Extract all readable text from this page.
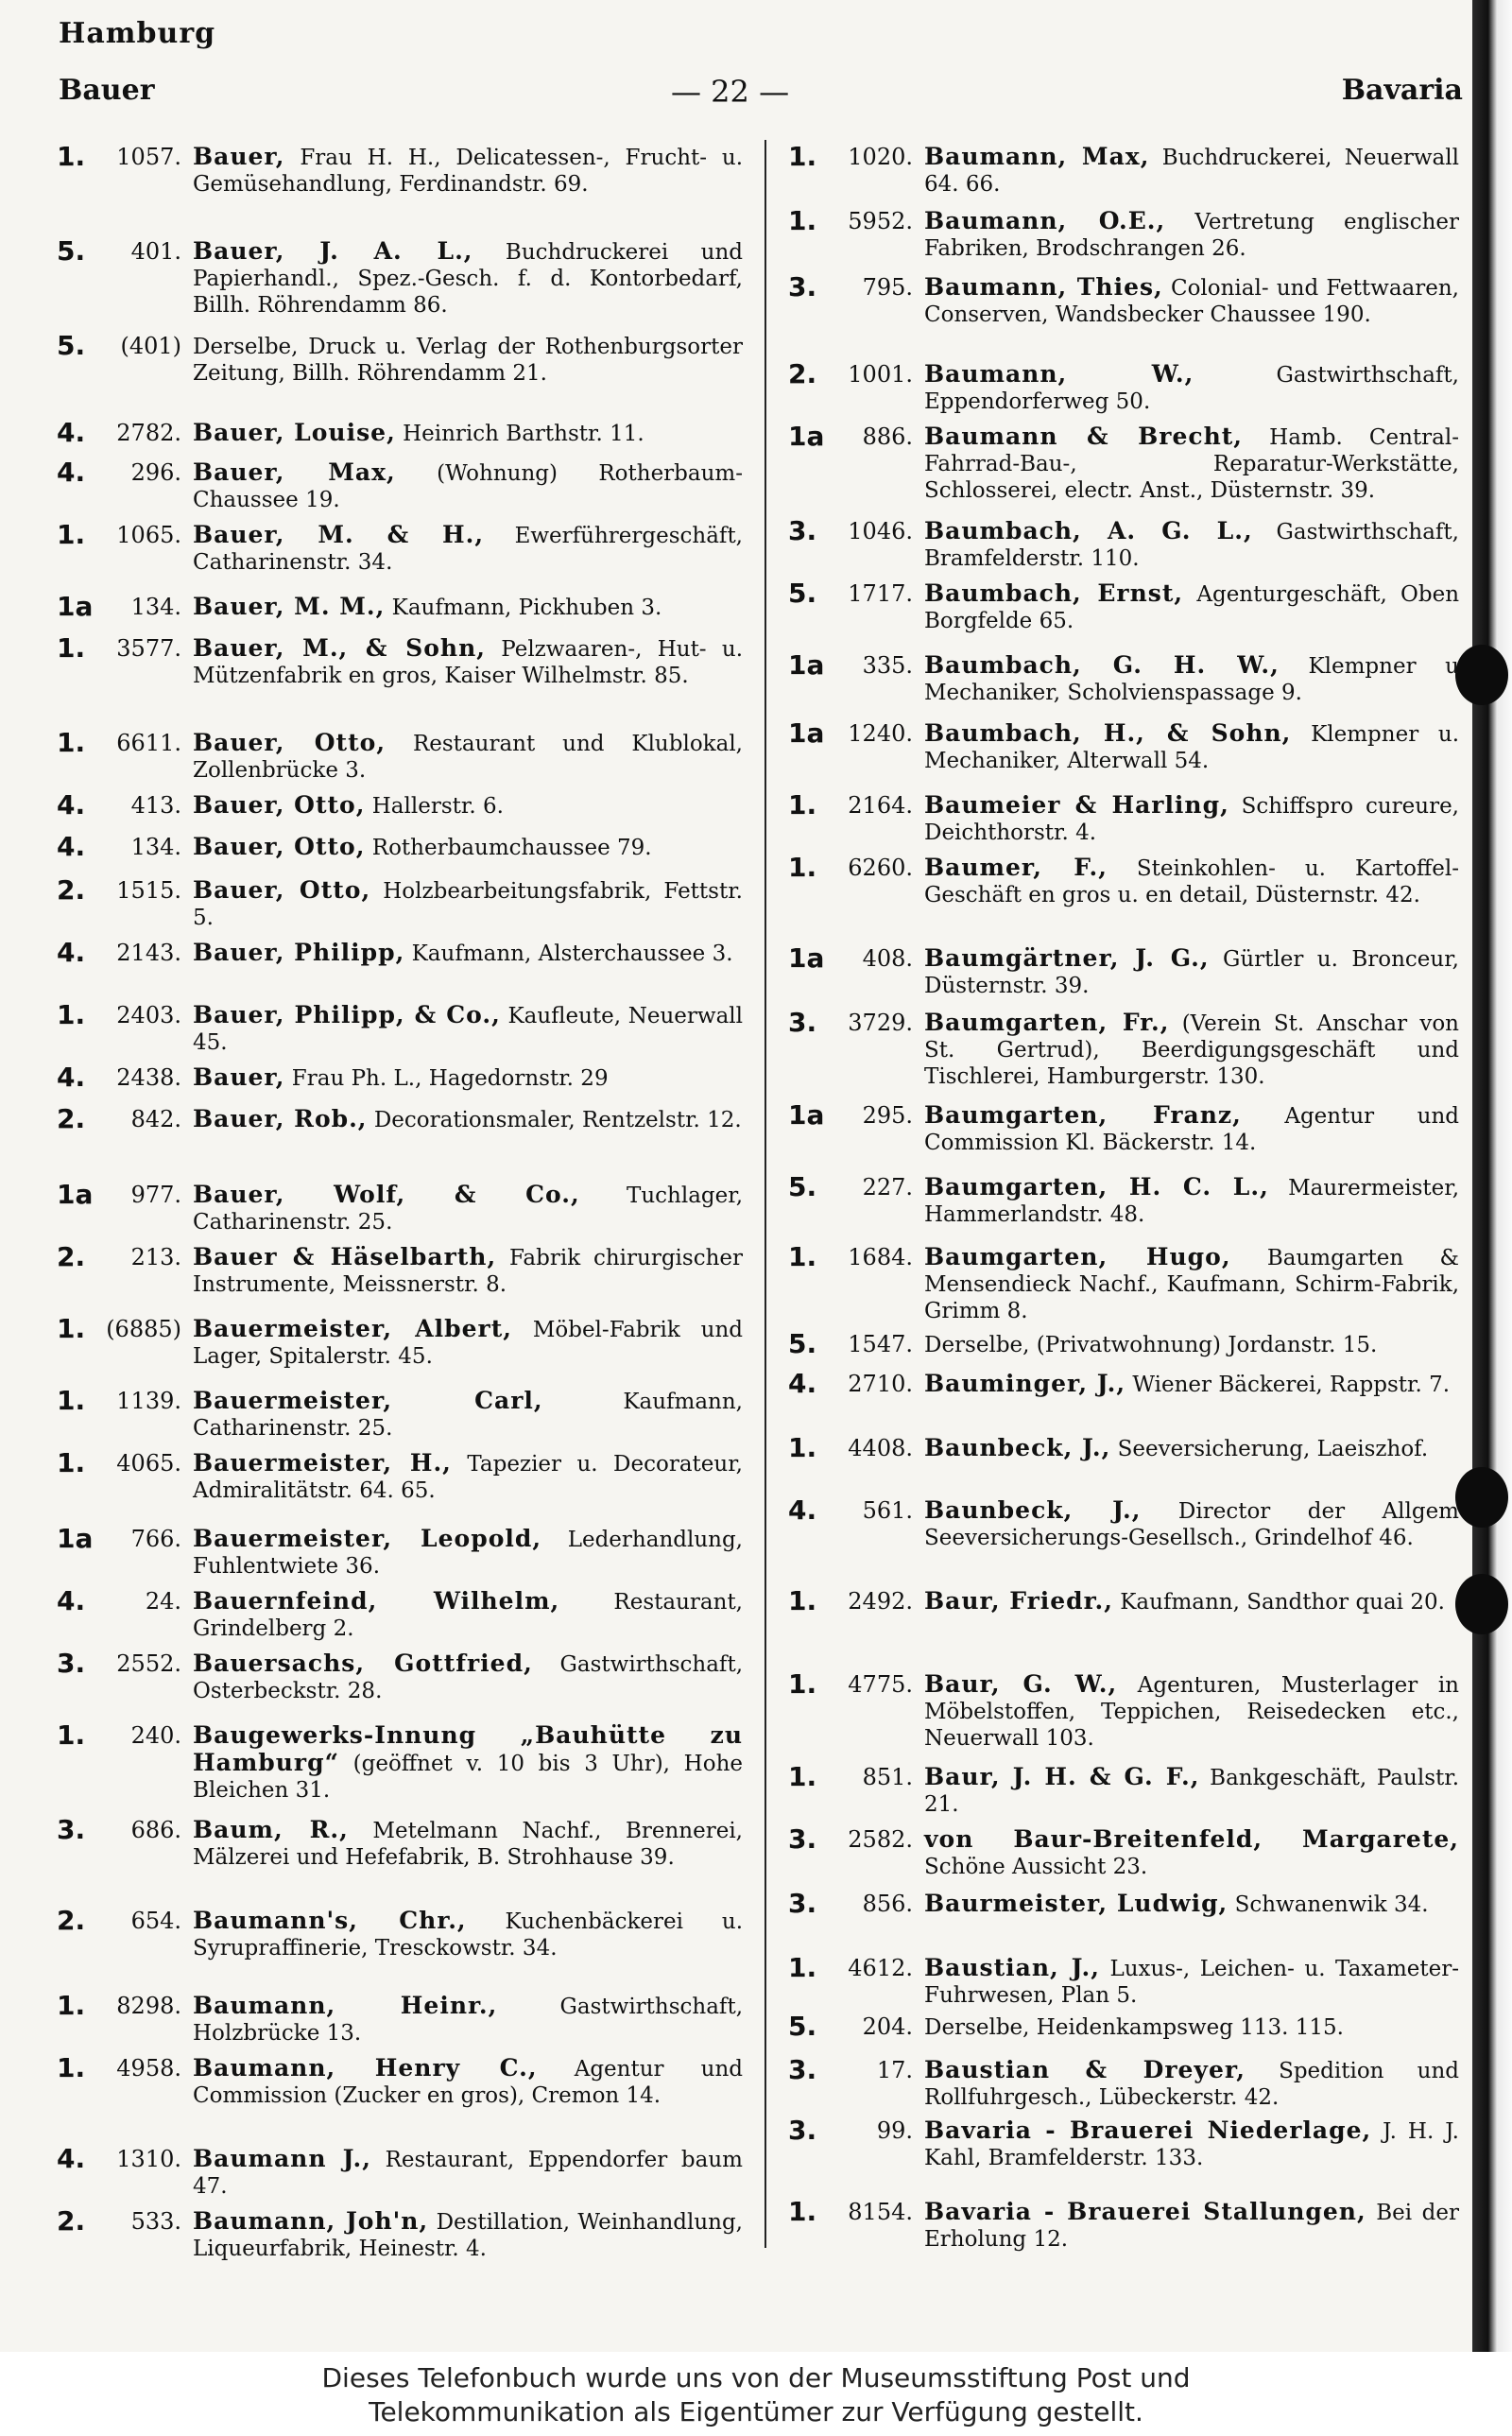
Hamburg
Bauer	— 22 —	Bavaria
1.	1057. Bauer, Frau H. H., Delicatessen-, Frucht- u. Gemüsehandlung, Ferdinandstr. 69.
5.	401. Bauer, J. A. L., Buchdruckerei und Papierhandl., Spez.-Gesch. f. d. Kontorbedarf, Billh. Röhrendamm 86.
5.	(401) Derselbe, Druck u. Verlag der Rothenburgsorter Zeitung, Billh. Röhrendamm 21.
4.	2782. Bauer, Louise, Heinrich Barthstr. 11.
4.	296. Bauer, Max, (Wohnung) Rotherbaum-Chaussee 19.
1.	1065. Bauer, M. & H., Ewerführergeschäft, Catharinenstr. 34.
1a	134. Bauer, M. M., Kaufmann, Pickhuben 3.
1.	3577. Bauer, M., & Sohn, Pelzwaaren-, Hut- u. Mützenfabrik en gros, Kaiser Wilhelmstr. 85.
1.	6611. Bauer, Otto, Restaurant und Klublokal, Zollenbrücke 3.
4.	413. Bauer, Otto, Hallerstr. 6.
4.	134. Bauer, Otto, Rotherbaumchaussee 79.
2.	1515. Bauer, Otto, Holzbearbeitungsfabrik, Fettstr. 5.
4.	2143. Bauer, Philipp, Kaufmann, Alsterchaussee 3.
1.	2403. Bauer, Philipp, & Co., Kaufleute, Neuerwall 45.
4.	2438. Bauer, Frau Ph. L., Hagedornstr. 29
2.	842. Bauer, Rob., Decorationsmaler, Rentzelstr. 12.
1a	977. Bauer, Wolf, & Co., Tuchlager, Catharinenstr. 25.
2.	213. Bauer & Häselbarth, Fabrik chirurgischer Instrumente, Meissnerstr. 8.
1. (6885) Bauermeister, Albert, Möbel-Fabrik und Lager, Spitalerstr. 45.
1.	1139. Bauermeister, Carl,	Kaufmann, Catharinenstr. 25.
1.	4065. Bauermeister, H., Tapezier u. Decorateur, Admiralitätstr. 64. 65.
1a	766. Bauermeister, Leopold, Lederhandlung, Fuhlentwiete 36.
4.	24. Bauernfeind, Wilhelm, Restaurant, Grindelberg 2.
3.	2552. Bauersachs, Gottfried, Gastwirthschaft, Osterbeckstr. 28.
1.	240. Baugewerks-Innung „Bauhütte zu Hamburg“ (geöffnet v. 10 bis 3 Uhr), Hohe Bleichen 31.
3.	686. Baum, R., Metelmann Nachf., Brennerei, Mälzerei und Hefefabrik, B. Strohhause 39.
2.	654. Baumann's, Chr., Kuchenbäckerei u. Syrupraffinerie, Tresckowstr. 34.
1.	8298. Baumann, Heinr.,	Gastwirthschaft, Holzbrücke 13.
1.	4958. Baumann, Henry C., Agentur und Commission (Zucker en gros), Cremon 14.
4.	1310. Baumann J., Restaurant, Eppendorfer baum 47.
2.	533. Baumann, Joh'n, Destillation, Weinhandlung, Liqueurfabrik, Heinestr. 4.
1.	1020. Baumann, Max, Buchdruckerei, Neuerwall 64. 66.
1.	5952. Baumann, O.E., Vertretung englischer Fabriken, Brodschrangen 26.
3.	795. Baumann, Thies, Colonial- und Fettwaaren, Conserven, Wandsbecker Chaussee 190.
2.	1001. Baumann, W.,	Gastwirthschaft, Eppendorferweg 50.
1a	886. Baumann & Brecht, Hamb. Central-Fahrrad-Bau-, Reparatur-Werkstätte, Schlosserei, electr. Anst., Düsternstr. 39.
3.	1046. Baumbach, A. G. L., Gastwirthschaft, Bramfelderstr. 110.
5.	1717. Baumbach, Ernst, Agenturgeschäft, Oben Borgfelde 65.
1a	335. Baumbach, G. H. W., Klempner u Mechaniker, Scholvienspassage 9.
1a	1240. Baumbach, H., & Sohn, Klempner u. Mechaniker, Alterwall 54.
1.	2164. Baumeier & Harling, Schiffspro cureure, Deichthorstr. 4.
1.	6260. Baumer, F., Steinkohlen- u. Kartoffel-Geschäft en gros u. en detail, Düsternstr. 42.
1a	408. Baumgärtner, J. G., Gürtler u. Bronceur, Düsternstr. 39.
3.	3729. Baumgarten, Fr., (Verein St. Anschar von St. Gertrud), Beerdigungsgeschäft und Tischlerei, Hamburgerstr. 130.
1a	295. Baumgarten, Franz, Agentur und Commission Kl. Bäckerstr. 14.
5.	227. Baumgarten, H. C. L., Maurermeister, Hammerlandstr. 48.
1.	1684. Baumgarten, Hugo, Baumgarten & Mensendieck Nachf., Kaufmann, Schirm-Fabrik, Grimm 8.
5.	1547. Derselbe, (Privatwohnung) Jordanstr. 15.
4.	2710. Bauminger, J., Wiener Bäckerei, Rappstr. 7.
1.	4408. Baunbeck, J., Seeversicherung, Laeiszhof.
4.	561. Baunbeck, J., Director der Allgem Seeversicherungs-Gesellsch., Grindelhof 46.
1.	2492. Baur, Friedr., Kaufmann, Sandthor quai 20.
1.	4775. Baur, G. W., Agenturen, Musterlager in Möbelstoffen, Teppichen, Reisedecken etc., Neuerwall 103.
1.	851. Baur, J. H. & G. F., Bankgeschäft, Paulstr. 21.
3.	2582. von Baur-Breitenfeld, Margarete, Schöne Aussicht 23.
3.	856. Baurmeister, Ludwig, Schwanenwik 34.
1.	4612. Baustian, J., Luxus-, Leichen- u. Taxameter-Fuhrwesen, Plan 5.
5.	204. Derselbe, Heidenkampsweg 113. 115.
3.	17. Baustian & Dreyer, Spedition und Rollfuhrgesch., Lübeckerstr. 42.
3.	99. Bavaria - Brauerei Niederlage, J. H. J. Kahl, Bramfelderstr. 133.
1.	8154. Bavaria - Brauerei Stallungen, Bei der Erholung 12.
Dieses Telefonbuch wurde uns von der Museumsstiftung Post und
Telekommunikation als Eigentümer zur Verfügung gestellt.
